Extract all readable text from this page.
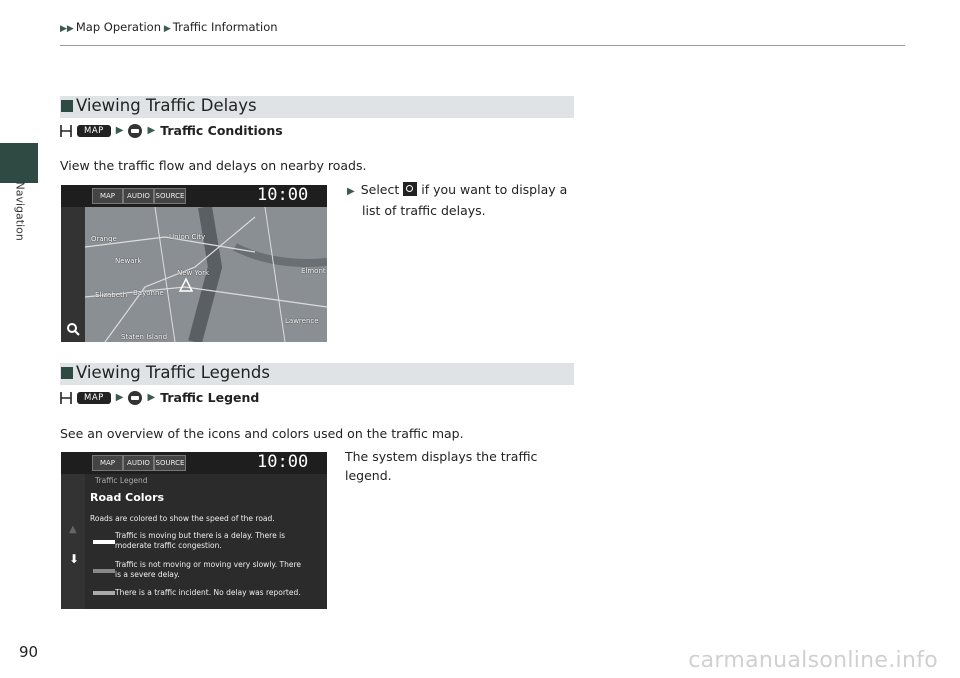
Navigation
▶▶ Map Operation ▶ Traffic Information
Viewing Traffic Delays
MAP	▶ ▶ Traffic Conditions
View the traffic flow and delays on nearby roads.
▶ Select if you want to display a
list of traffic delays.
MAP	AUDIO SOURCE	10:00
Orange	Union City
Newark
New York	Elmont
Elizabeth Bayonne
Lawrence
Staten Island
Viewing Traffic Legends
MAP	▶ ▶ Traffic Legend
See an overview of the icons and colors used on the traffic map.
The system displays the traffic
legend.
MAP	AUDIO SOURCE	10:00
▲
⬇
Traffic Legend
Road Colors
Roads are colored to show the speed of the road.
Traffic is moving but there is a delay. There is
moderate traffic congestion.
Traffic is not moving or moving very slowly. There
is a severe delay.
There is a traffic incident. No delay was reported.
90	carmanualsonline.info
